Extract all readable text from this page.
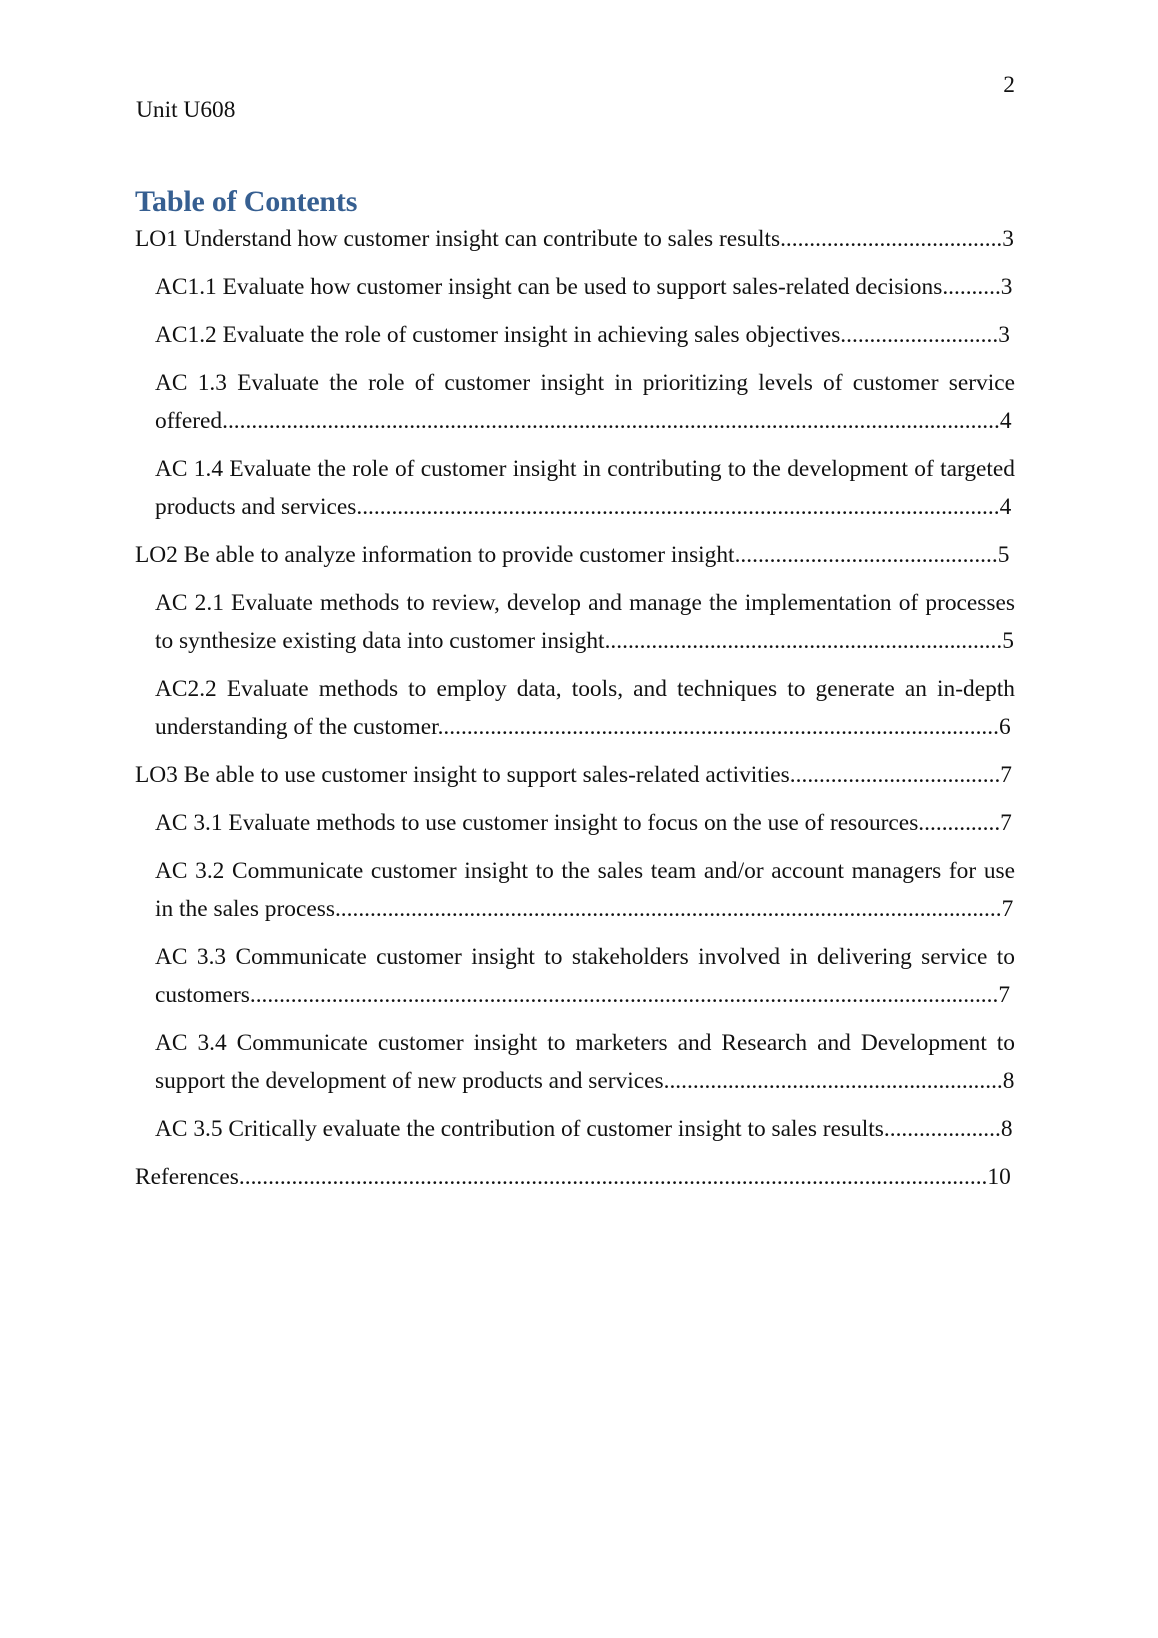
2
Unit U608
Table of Contents

LO1 Understand how customer insight can contribute to sales results......................................3

AC1.1 Evaluate how customer insight can be used to support sales-related decisions..........3

AC1.2 Evaluate the role of customer insight in achieving sales objectives...........................3

AC 1.3 Evaluate the role of customer insight in prioritizing levels of customer service offered.....................................................................................................................................4

AC 1.4 Evaluate the role of customer insight in contributing to the development of targeted products and services..............................................................................................................4

LO2 Be able to analyze information to provide customer insight.............................................5

AC 2.1 Evaluate methods to review, develop and manage the implementation of processes to synthesize existing data into customer insight....................................................................5

AC2.2 Evaluate methods to employ data, tools, and techniques to generate an in-depth understanding of the customer................................................................................................6

LO3 Be able to use customer insight to support sales-related activities....................................7

AC 3.1 Evaluate methods to use customer insight to focus on the use of resources..............7

AC 3.2 Communicate customer insight to the sales team and/or account managers for use in the sales process..................................................................................................................7

AC 3.3 Communicate customer insight to stakeholders involved in delivering service to customers................................................................................................................................7

AC 3.4 Communicate customer insight to marketers and Research and Development to support the development of new products and services..........................................................8

AC 3.5 Critically evaluate the contribution of customer insight to sales results....................8

References................................................................................................................................10
